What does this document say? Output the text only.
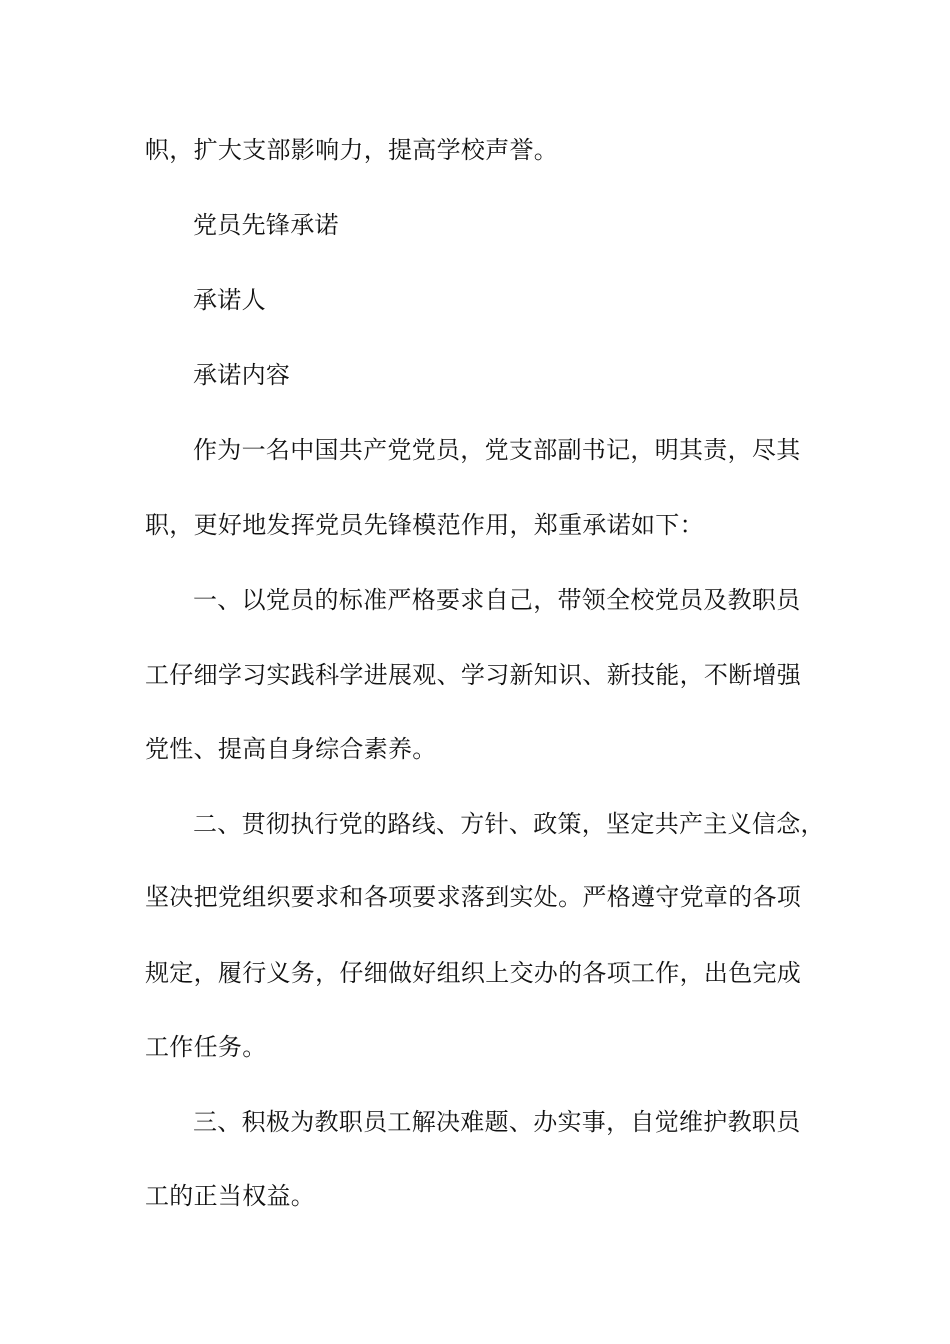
帜，扩大支部影响力，提高学校声誉。
党员先锋承诺
承诺人
承诺内容
作为一名中国共产党党员，党支部副书记，明其责，尽其
职，更好地发挥党员先锋模范作用，郑重承诺如下：
一、以党员的标准严格要求自己，带领全校党员及教职员
工仔细学习实践科学进展观、学习新知识、新技能，不断增强
党性、提高自身综合素养。
二、贯彻执行党的路线、方针、政策，坚定共产主义信念，
坚决把党组织要求和各项要求落到实处。严格遵守党章的各项
规定，履行义务，仔细做好组织上交办的各项工作，出色完成
工作任务。
三、积极为教职员工解决难题、办实事，自觉维护教职员
工的正当权益。
